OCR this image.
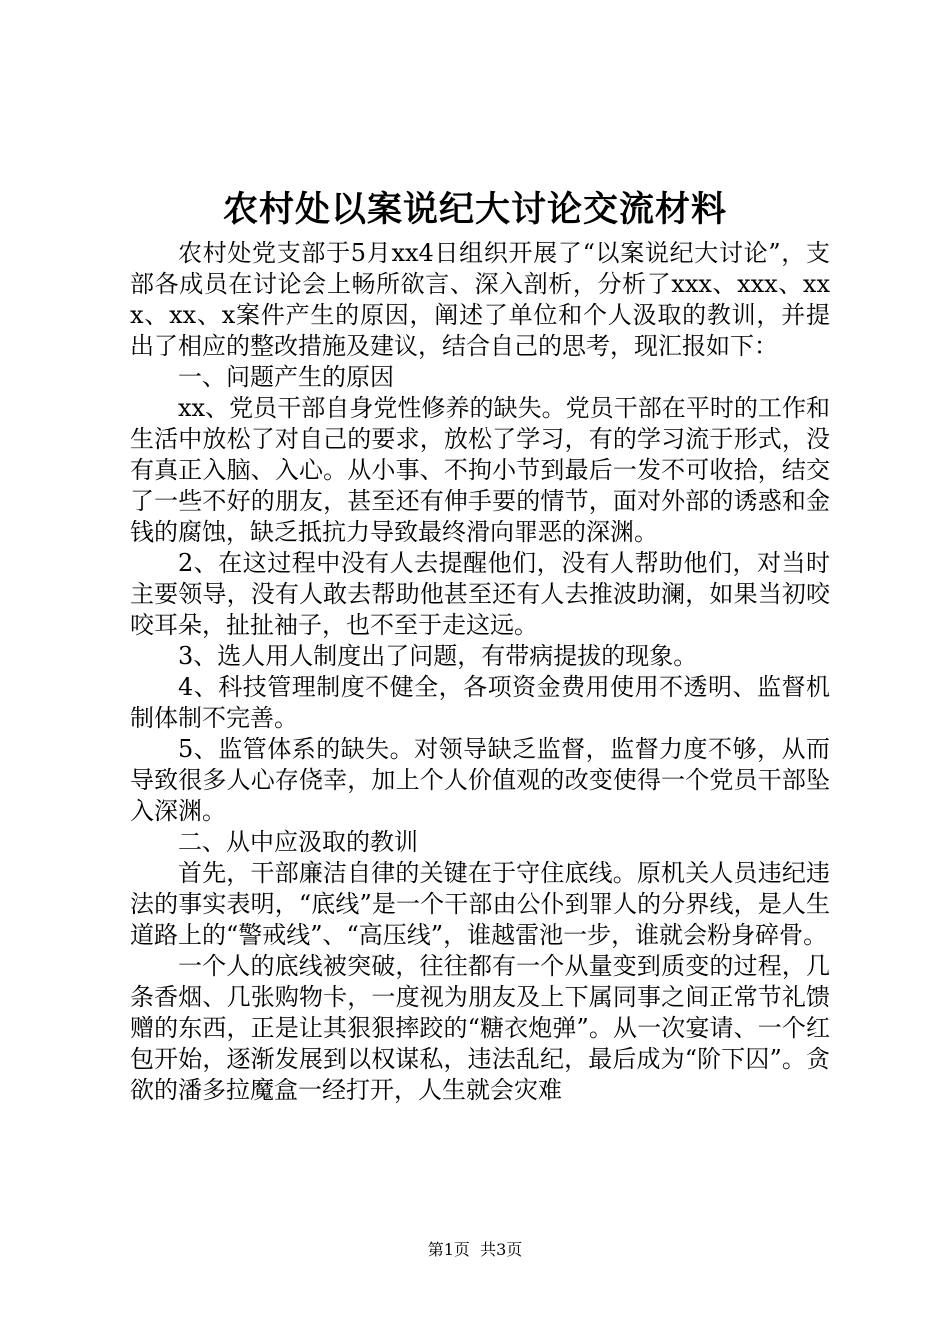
农村处以案说纪大讨论交流材料

农村处党支部于5月xx4日组织开展了“以案说纪大讨论”，支部各成员在讨论会上畅所欲言、深入剖析，分析了xxx、xxx、xxx、xx、x案件产生的原因，阐述了单位和个人汲取的教训，并提出了相应的整改措施及建议，结合自己的思考，现汇报如下：

一、问题产生的原因

xx、党员干部自身党性修养的缺失。党员干部在平时的工作和生活中放松了对自己的要求，放松了学习，有的学习流于形式，没有真正入脑、入心。从小事、不拘小节到最后一发不可收拾，结交了一些不好的朋友，甚至还有伸手要的情节，面对外部的诱惑和金钱的腐蚀，缺乏抵抗力导致最终滑向罪恶的深渊。

2、在这过程中没有人去提醒他们，没有人帮助他们，对当时主要领导，没有人敢去帮助他甚至还有人去推波助澜，如果当初咬咬耳朵，扯扯袖子，也不至于走这远。

3、选人用人制度出了问题，有带病提拔的现象。

4、科技管理制度不健全，各项资金费用使用不透明、监督机制体制不完善。

5、监管体系的缺失。对领导缺乏监督，监督力度不够，从而导致很多人心存侥幸，加上个人价值观的改变使得一个党员干部坠入深渊。

二、从中应汲取的教训

首先，干部廉洁自律的关键在于守住底线。原机关人员违纪违法的事实表明，“底线”是一个干部由公仆到罪人的分界线，是人生道路上的“警戒线”、“高压线”，谁越雷池一步，谁就会粉身碎骨。

一个人的底线被突破，往往都有一个从量变到质变的过程，几条香烟、几张购物卡，一度视为朋友及上下属同事之间正常节礼馈赠的东西，正是让其狠狠摔跤的“糖衣炮弹”。从一次宴请、一个红包开始，逐渐发展到以权谋私，违法乱纪，最后成为“阶下囚”。贪欲的潘多拉魔盒一经打开，人生就会灾难

第1页 共3页
